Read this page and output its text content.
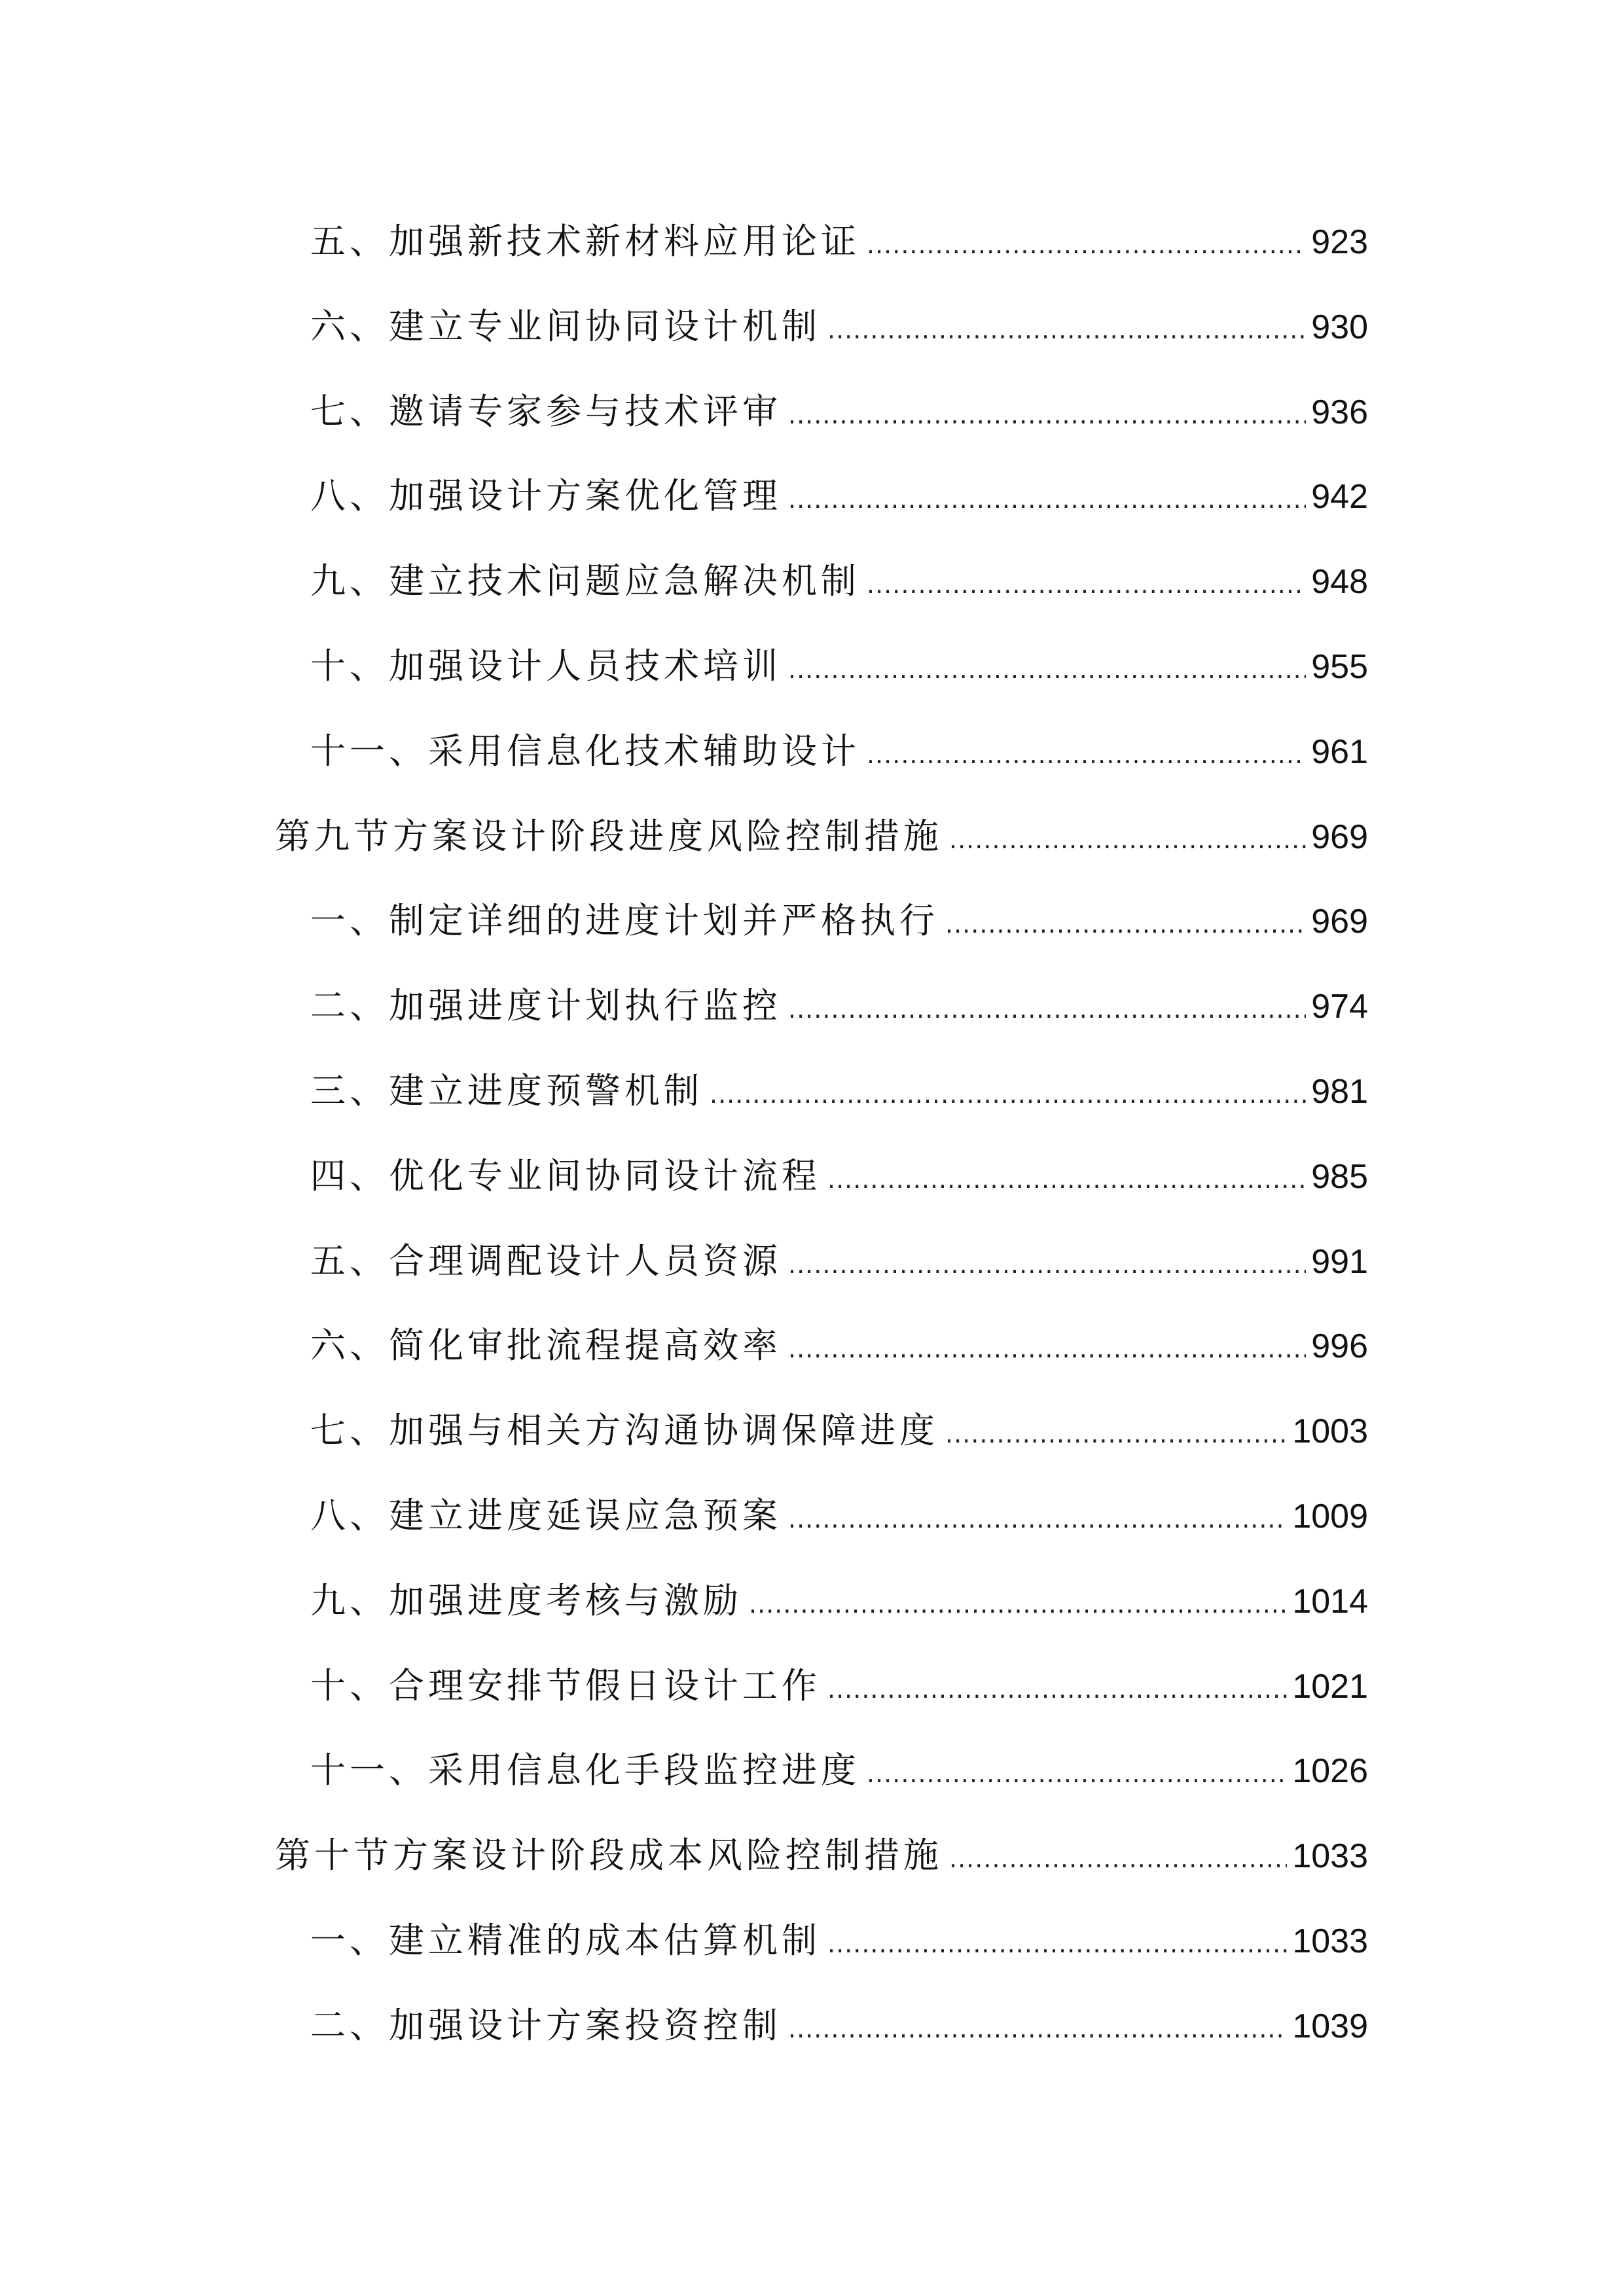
五、加强新技术新材料应用论证 .....	923
六、建立专业间协同设计机制 .....	930
七、邀请专家参与技术评审 .....	936
八、加强设计方案优化管理 .....	942
九、建立技术问题应急解决机制 .....	948
十、加强设计人员技术培训 .....	955
十一、采用信息化技术辅助设计 .....	961
第九节方案设计阶段进度风险控制措施 .....	969
一、制定详细的进度计划并严格执行 .....	969
二、加强进度计划执行监控 .....	974
三、建立进度预警机制 .....	981
四、优化专业间协同设计流程 .....	985
五、合理调配设计人员资源 .....	991
六、简化审批流程提高效率 .....	996
七、加强与相关方沟通协调保障进度 .....	1003
八、建立进度延误应急预案 .....	1009
九、加强进度考核与激励 .....	1014
十、合理安排节假日设计工作 .....	1021
十一、采用信息化手段监控进度 .....	1026
第十节方案设计阶段成本风险控制措施 .....	1033
一、建立精准的成本估算机制 .....	1033
二、加强设计方案投资控制 .....	1039
